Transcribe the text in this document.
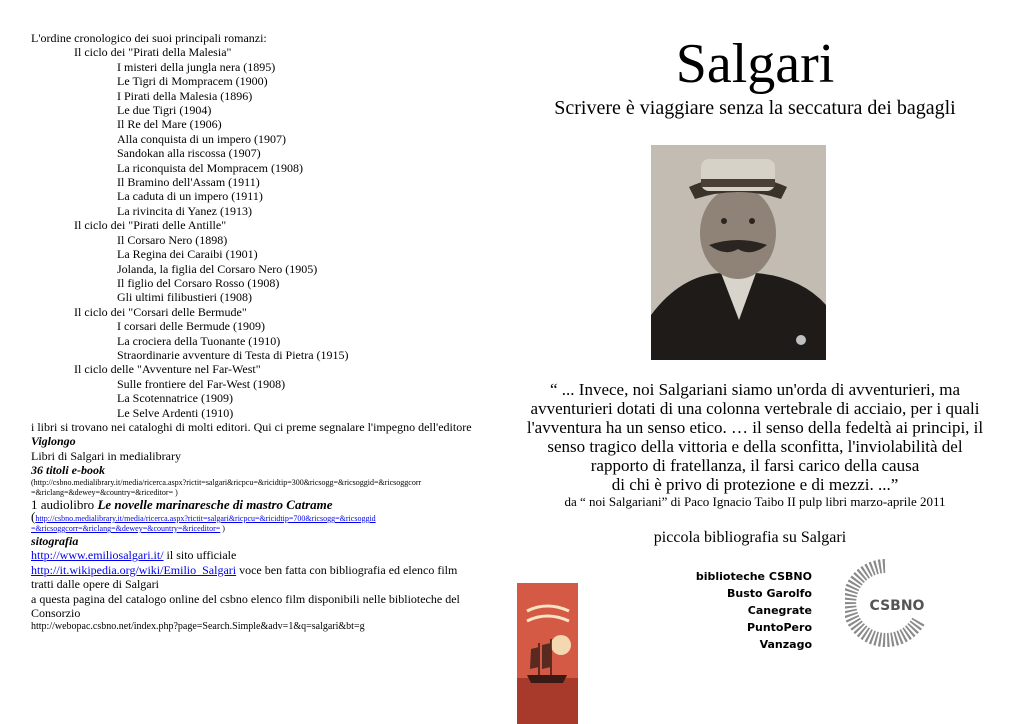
L'ordine cronologico dei suoi principali romanzi:
Il ciclo dei "Pirati della Malesia"
I misteri della jungla nera (1895)
Le Tigri di Mompracem (1900)
I Pirati della Malesia (1896)
Le due Tigri (1904)
Il Re del Mare (1906)
Alla conquista di un impero (1907)
Sandokan alla riscossa (1907)
La riconquista del Mompracem (1908)
Il Bramino dell'Assam (1911)
La caduta di un impero (1911)
La rivincita di Yanez (1913)
Il ciclo dei "Pirati delle Antille"
Il Corsaro Nero (1898)
La Regina dei Caraibi (1901)
Jolanda, la figlia del Corsaro Nero (1905)
Il figlio del Corsaro Rosso (1908)
Gli ultimi filibustieri (1908)
Il ciclo dei "Corsari delle Bermude"
I corsari delle Bermude (1909)
La crociera della Tuonante (1910)
Straordinarie avventure di Testa di Pietra (1915)
Il ciclo delle "Avventure nel Far-West"
Sulle frontiere del Far-West (1908)
La Scotennatrice (1909)
Le Selve Ardenti (1910)
i libri si trovano nei cataloghi di molti editori. Qui ci preme segnalare l'impegno dell'editore
Viglongo
Libri di Salgari in medialibrary
36 titoli e-book
(http://csbno.medialibrary.it/media/ricerca.aspx?rictit=salgari&ricpcu=&ricidtip=300&ricsogg=&ricsoggid=&ricsoggcorr
=&riclang=&dewey=&country=&riceditor= )
1 audiolibro Le novelle marinaresche di mastro Catrame
(http://csbno.medialibrary.it/media/ricerca.aspx?rictit=salgari&ricpcu=&ricidtip=700&ricsogg=&ricsoggid
=&ricsoggcorr=&riclang=&dewey=&country=&riceditor= )
sitografia
http://www.emiliosalgari.it/ il sito ufficiale
http://it.wikipedia.org/wiki/Emilio_Salgari voce ben fatta con bibliografia ed elenco film tratti dalle opere di Salgari
a questa pagina del catalogo online del csbno elenco film disponibili nelle biblioteche del Consorzio
http://webopac.csbno.net/index.php?page=Search.Simple&adv=1&q=salgari&bt=g
Salgari
Scrivere è viaggiare senza la seccatura dei bagagli
“ ... Invece, noi Salgariani siamo un'orda di avventurieri, ma
avventurieri dotati di una colonna vertebrale di acciaio, per i quali
l'avventura ha un senso etico. … il senso della fedeltà ai principi, il
senso tragico della vittoria e della sconfitta, l'inviolabilità del
rapporto di fratellanza, il farsi carico della causa
di chi è privo di protezione e di mezzi. ...”
da “ noi Salgariani” di Paco Ignacio Taibo II pulp libri marzo-aprile 2011
piccola bibliografia su Salgari
biblioteche CSBNO
Busto Garolfo
Canegrate
PuntoPero
Vanzago
CSBNO
